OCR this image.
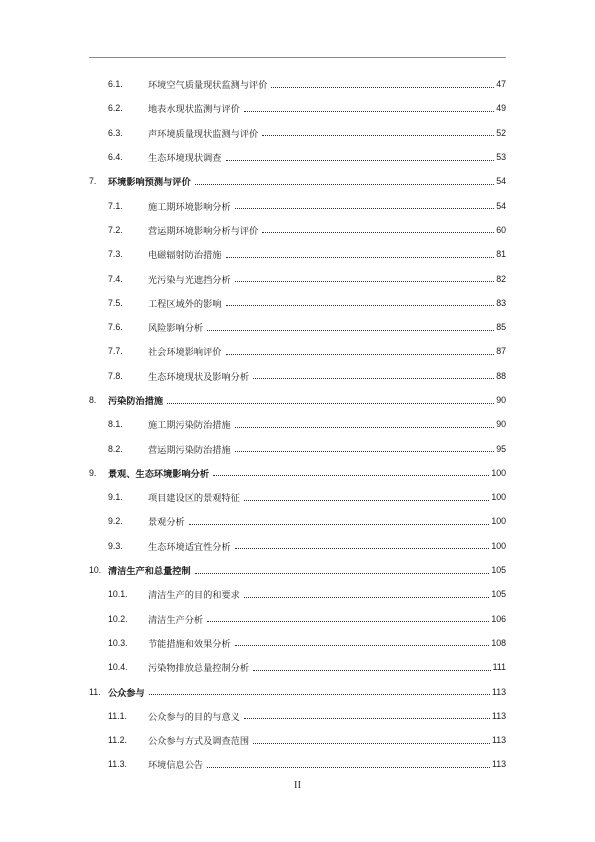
6.1.	环境空气质量现状监测与评价	47
6.2.	地表水现状监测与评价	49
6.3.	声环境质量现状监测与评价	52
6.4.	生态环境现状调查	53
7.	环境影响预测与评价	54
7.1.	施工期环境影响分析	54
7.2.	营运期环境影响分析与评价	60
7.3.	电磁辐射防治措施	81
7.4.	光污染与光遮挡分析	82
7.5.	工程区域外的影响	83
7.6.	风险影响分析	85
7.7.	社会环境影响评价	87
7.8.	生态环境现状及影响分析	88
8.	污染防治措施	90
8.1.	施工期污染防治措施	90
8.2.	营运期污染防治措施	95
9.	景观、生态环境影响分析	100
9.1.	项目建设区的景观特征	100
9.2.	景观分析	100
9.3.	生态环境适宜性分析	100
10. 清洁生产和总量控制	105
10.1.	清洁生产的目的和要求	105
10.2.	清洁生产分析	106
10.3.	节能措施和效果分析	108
10.4.	污染物排放总量控制分析	111
11. 公众参与	113
11.1.	公众参与的目的与意义	113
11.2.	公众参与方式及调查范围	113
11.3.	环境信息公告	113
II
